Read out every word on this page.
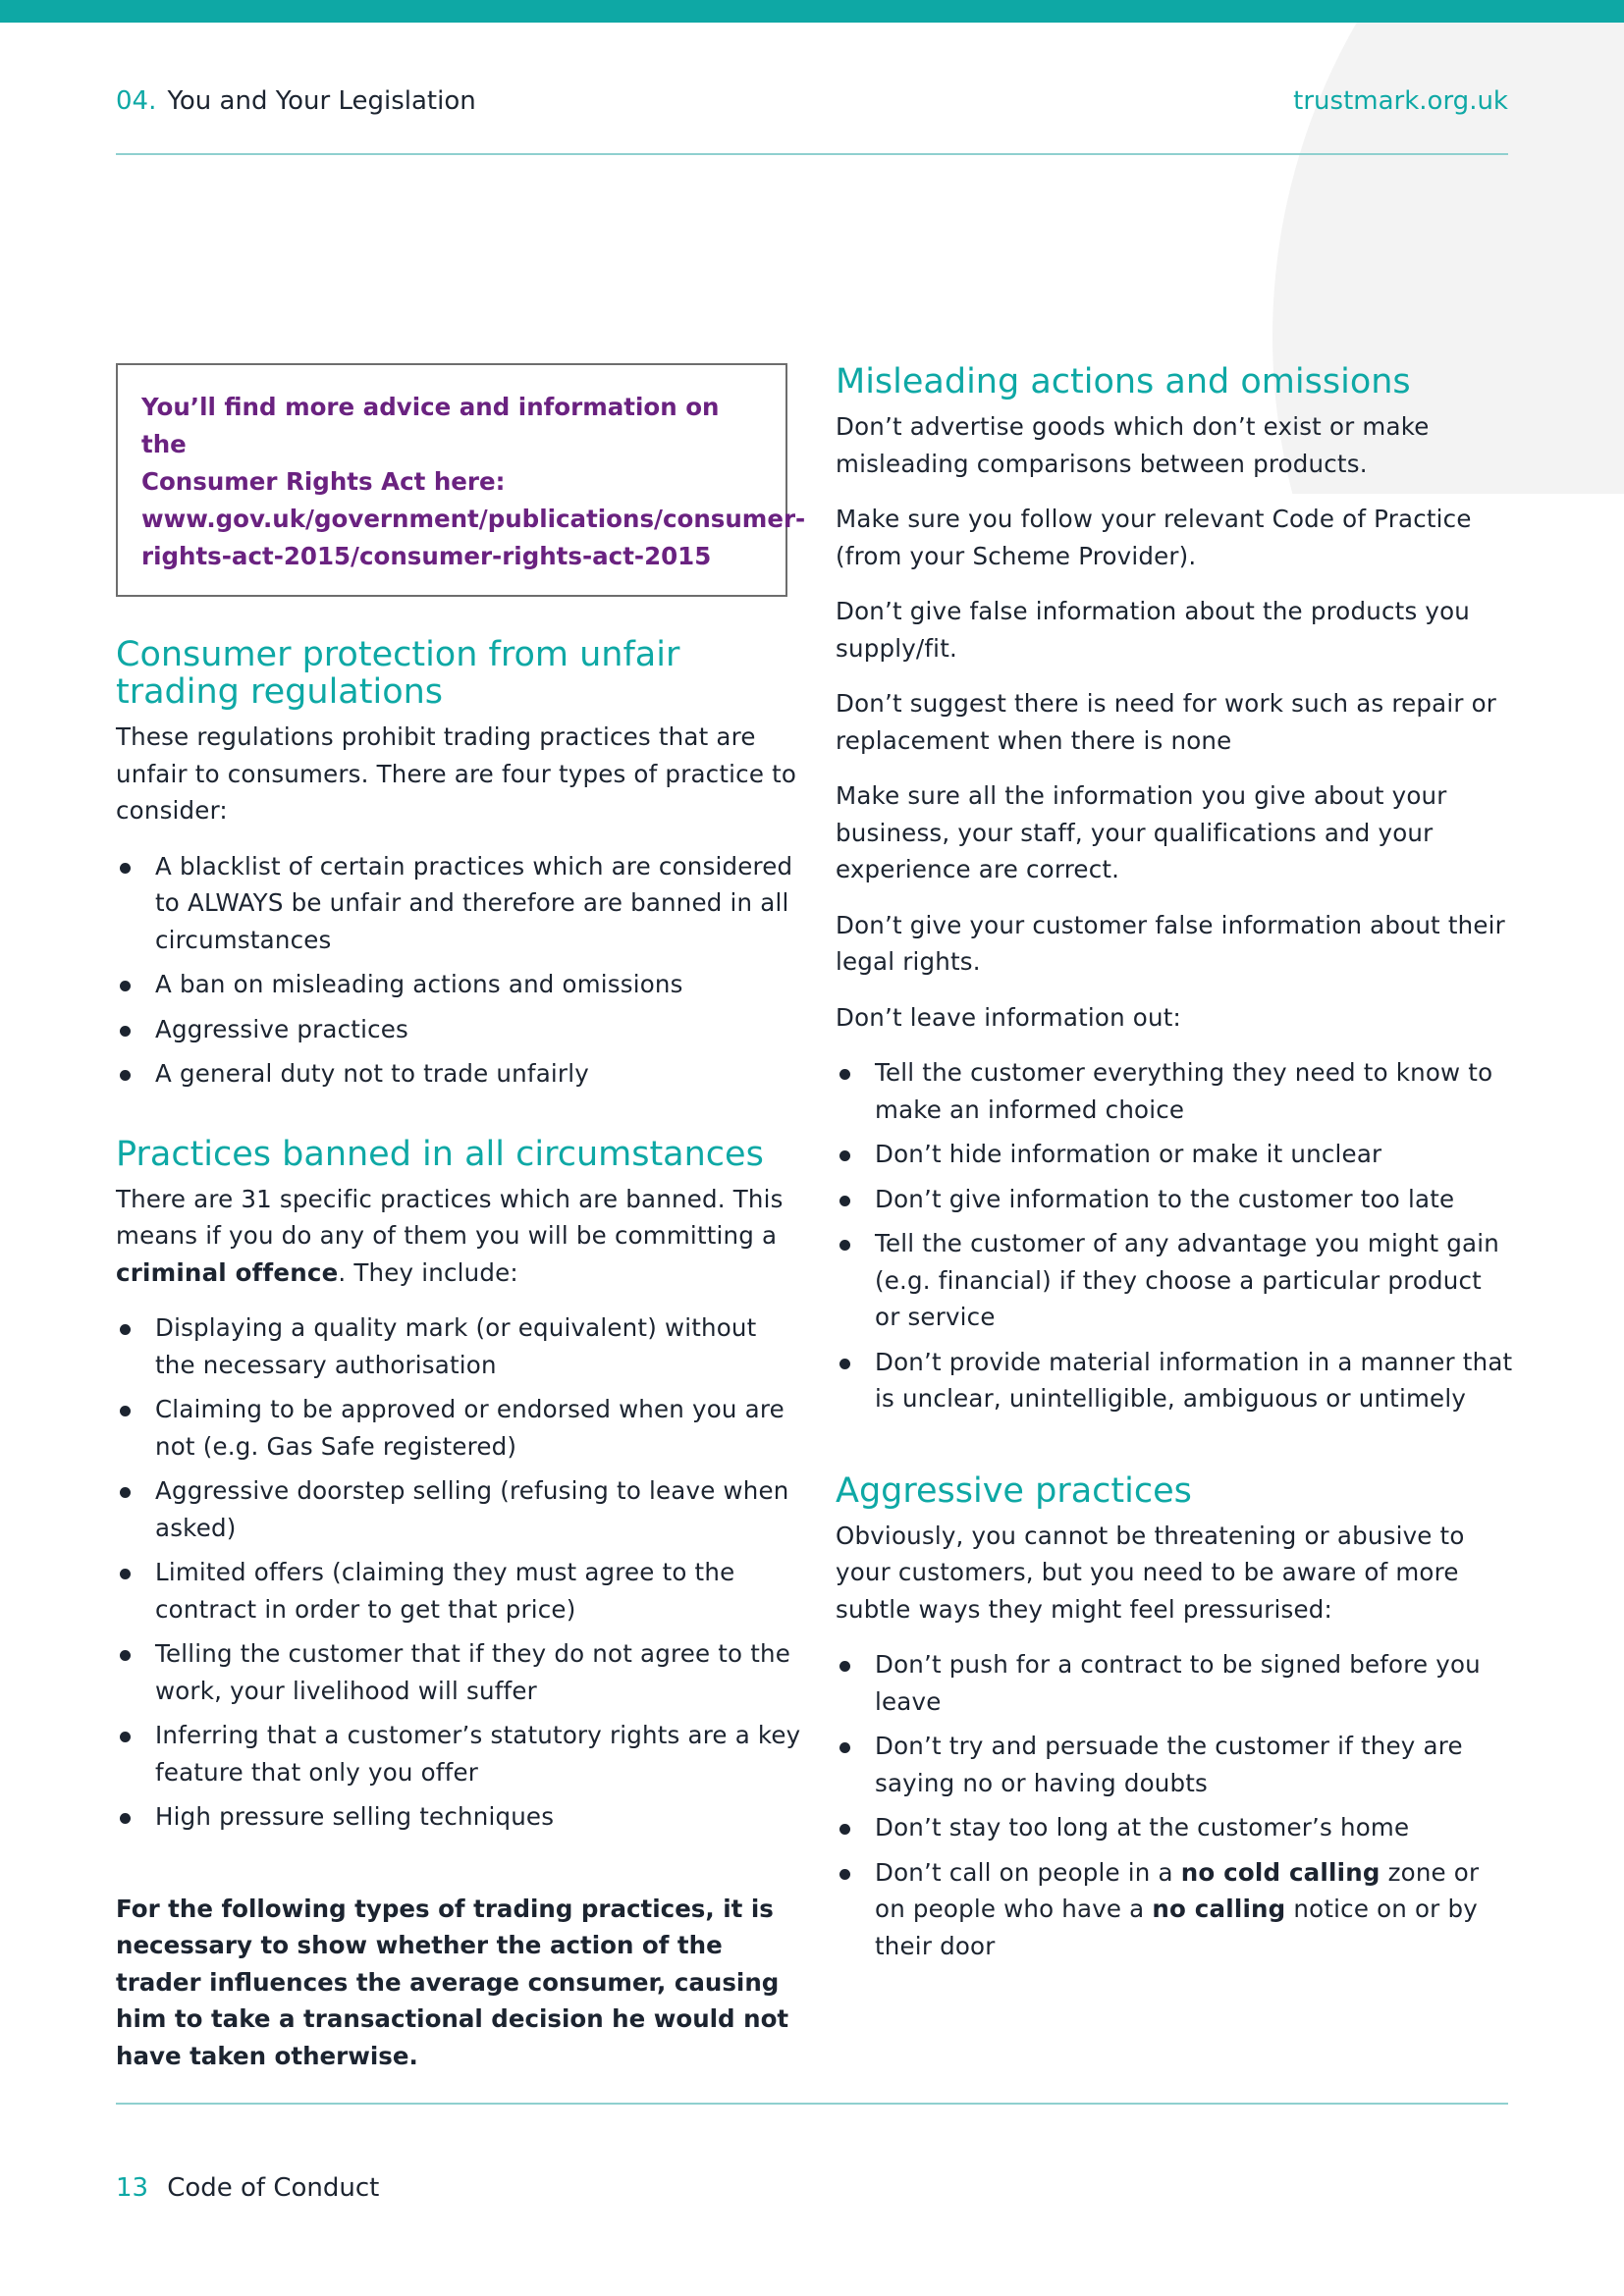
04. You and Your Legislation	trustmark.org.uk

You’ll find more advice and information on the

Consumer Rights Act here:

www.gov.uk/government/publications/consumer-

rights-act-2015/consumer-rights-act-2015

Consumer protection from unfair trading regulations

These regulations prohibit trading practices that are unfair to consumers. There are four types of practice to consider:

A blacklist of certain practices which are considered to ALWAYS be unfair and therefore are banned in all circumstances
A ban on misleading actions and omissions
Aggressive practices
A general duty not to trade unfairly
Practices banned in all circumstances

There are 31 specific practices which are banned. This means if you do any of them you will be committing a criminal offence. They include:

Displaying a quality mark (or equivalent) without the necessary authorisation
Claiming to be approved or endorsed when you are not (e.g. Gas Safe registered)
Aggressive doorstep selling (refusing to leave when asked)
Limited offers (claiming they must agree to the contract in order to get that price)
Telling the customer that if they do not agree to the work, your livelihood will suffer
Inferring that a customer’s statutory rights are a key feature that only you offer
High pressure selling techniques

For the following types of trading practices, it is necessary to show whether the action of the trader influences the average consumer, causing him to take a transactional decision he would not have taken otherwise.

Misleading actions and omissions

Don’t advertise goods which don’t exist or make misleading comparisons between products.

Make sure you follow your relevant Code of Practice (from your Scheme Provider).

Don’t give false information about the products you supply/fit.

Don’t suggest there is need for work such as repair or replacement when there is none

Make sure all the information you give about your business, your staff, your qualifications and your experience are correct.

Don’t give your customer false information about their legal rights.

Don’t leave information out:

Tell the customer everything they need to know to make an informed choice
Don’t hide information or make it unclear
Don’t give information to the customer too late
Tell the customer of any advantage you might gain (e.g. financial) if they choose a particular product or service
Don’t provide material information in a manner that is unclear, unintelligible, ambiguous or untimely
Aggressive practices

Obviously, you cannot be threatening or abusive to your customers, but you need to be aware of more subtle ways they might feel pressurised:

Don’t push for a contract to be signed before you leave
Don’t try and persuade the customer if they are saying no or having doubts
Don’t stay too long at the customer’s home
Don’t call on people in a no cold calling zone or on people who have a no calling notice on or by their door
13 Code of Conduct
